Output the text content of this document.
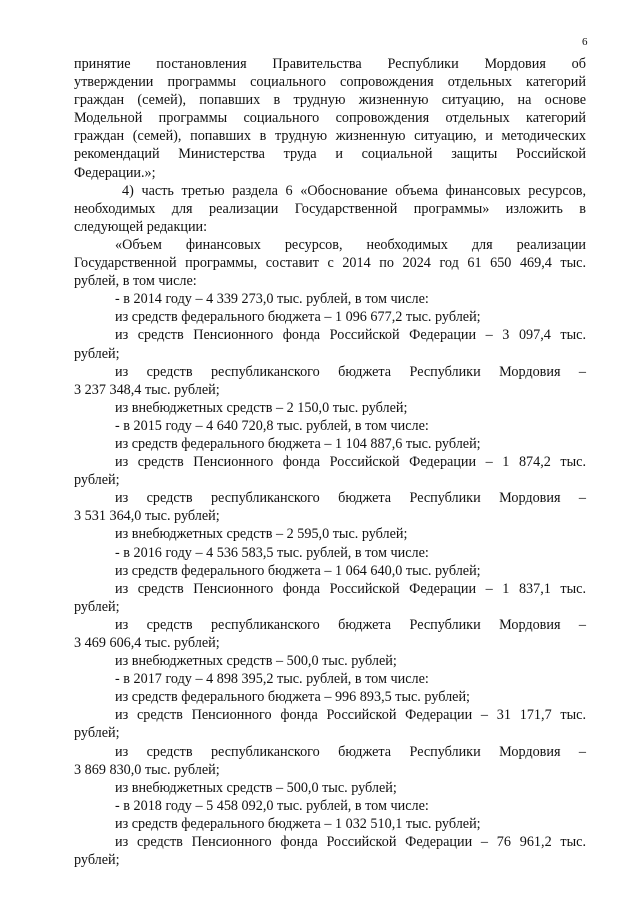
6
принятие постановления Правительства Республики Мордовия об
утверждении программы социального сопровождения отдельных категорий
граждан (семей), попавших в трудную жизненную ситуацию, на основе
Модельной программы социального сопровождения отдельных категорий
граждан (семей), попавших в трудную жизненную ситуацию, и методических
рекомендаций Министерства труда и социальной защиты Российской
Федерации.»;
4) часть третью раздела 6 «Обоснование объема финансовых ресурсов,
необходимых для реализации Государственной программы» изложить в
следующей редакции:
«Объем финансовых ресурсов, необходимых для реализации
Государственной программы, составит с 2014 по 2024 год 61 650 469,4 тыс.
рублей, в том числе:
- в 2014 году – 4 339 273,0 тыс. рублей, в том числе:
из средств федерального бюджета – 1 096 677,2 тыс. рублей;
из средств Пенсионного фонда Российской Федерации – 3 097,4 тыс.
рублей;
из средств республиканского бюджета Республики Мордовия –
3 237 348,4 тыс. рублей;
из внебюджетных средств – 2 150,0 тыс. рублей;
- в 2015 году – 4 640 720,8 тыс. рублей, в том числе:
из средств федерального бюджета – 1 104 887,6 тыс. рублей;
из средств Пенсионного фонда Российской Федерации – 1 874,2 тыс.
рублей;
из средств республиканского бюджета Республики Мордовия –
3 531 364,0 тыс. рублей;
из внебюджетных средств – 2 595,0 тыс. рублей;
- в 2016 году – 4 536 583,5 тыс. рублей, в том числе:
из средств федерального бюджета – 1 064 640,0 тыс. рублей;
из средств Пенсионного фонда Российской Федерации – 1 837,1 тыс.
рублей;
из средств республиканского бюджета Республики Мордовия –
3 469 606,4 тыс. рублей;
из внебюджетных средств – 500,0 тыс. рублей;
- в 2017 году – 4 898 395,2 тыс. рублей, в том числе:
из средств федерального бюджета – 996 893,5 тыс. рублей;
из средств Пенсионного фонда Российской Федерации – 31 171,7 тыс.
рублей;
из средств республиканского бюджета Республики Мордовия –
3 869 830,0 тыс. рублей;
из внебюджетных средств – 500,0 тыс. рублей;
- в 2018 году – 5 458 092,0 тыс. рублей, в том числе:
из средств федерального бюджета – 1 032 510,1 тыс. рублей;
из средств Пенсионного фонда Российской Федерации – 76 961,2 тыс.
рублей;
